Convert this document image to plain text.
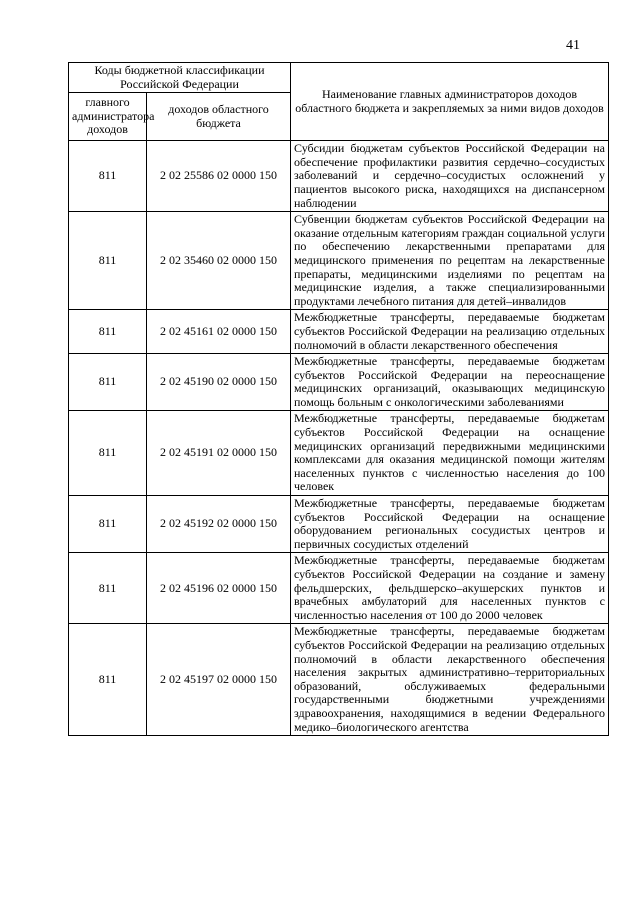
41
Коды бюджетной классификации Российской Федерации		Наименование главных администраторов доходов областного бюджета и закрепляемых за ними видов доходов
главного администратора доходов	доходов областного бюджета	
811	2 02 25586 02 0000 150	Субсидии бюджетам субъектов Российской Федерации на обеспечение профилактики развития сердечно–сосудистых заболеваний и сердечно–сосудистых осложнений у пациентов высокого риска, находящихся на диспансерном наблюдении
811	2 02 35460 02 0000 150	Субвенции бюджетам субъектов Российской Федерации на оказание отдельным категориям граждан социальной услуги по обеспечению лекарственными препаратами для медицинского применения по рецептам на лекарственные препараты, медицинскими изделиями по рецептам на медицинские изделия, а также специализированными продуктами лечебного питания для детей–инвалидов
811	2 02 45161 02 0000 150	Межбюджетные трансферты, передаваемые бюджетам субъектов Российской Федерации на реализацию отдельных полномочий в области лекарственного обеспечения
811	2 02 45190 02 0000 150	Межбюджетные трансферты, передаваемые бюджетам субъектов Российской Федерации на переоснащение медицинских организаций, оказывающих медицинскую помощь больным с онкологическими заболеваниями
811	2 02 45191 02 0000 150	Межбюджетные трансферты, передаваемые бюджетам субъектов Российской Федерации на оснащение медицинских организаций передвижными медицинскими комплексами для оказания медицинской помощи жителям населенных пунктов с численностью населения до 100 человек
811	2 02 45192 02 0000 150	Межбюджетные трансферты, передаваемые бюджетам субъектов Российской Федерации на оснащение оборудованием региональных сосудистых центров и первичных сосудистых отделений
811	2 02 45196 02 0000 150	Межбюджетные трансферты, передаваемые бюджетам субъектов Российской Федерации на создание и замену фельдшерских, фельдшерско–акушерских пунктов и врачебных амбулаторий для населенных пунктов с численностью населения от 100 до 2000 человек
811	2 02 45197 02 0000 150	Межбюджетные трансферты, передаваемые бюджетам субъектов Российской Федерации на реализацию отдельных полномочий в области лекарственного обеспечения населения закрытых административно–территориальных образований, обслуживаемых федеральными государственными бюджетными учреждениями здравоохранения, находящимися в ведении Федерального медико–биологического агентства
